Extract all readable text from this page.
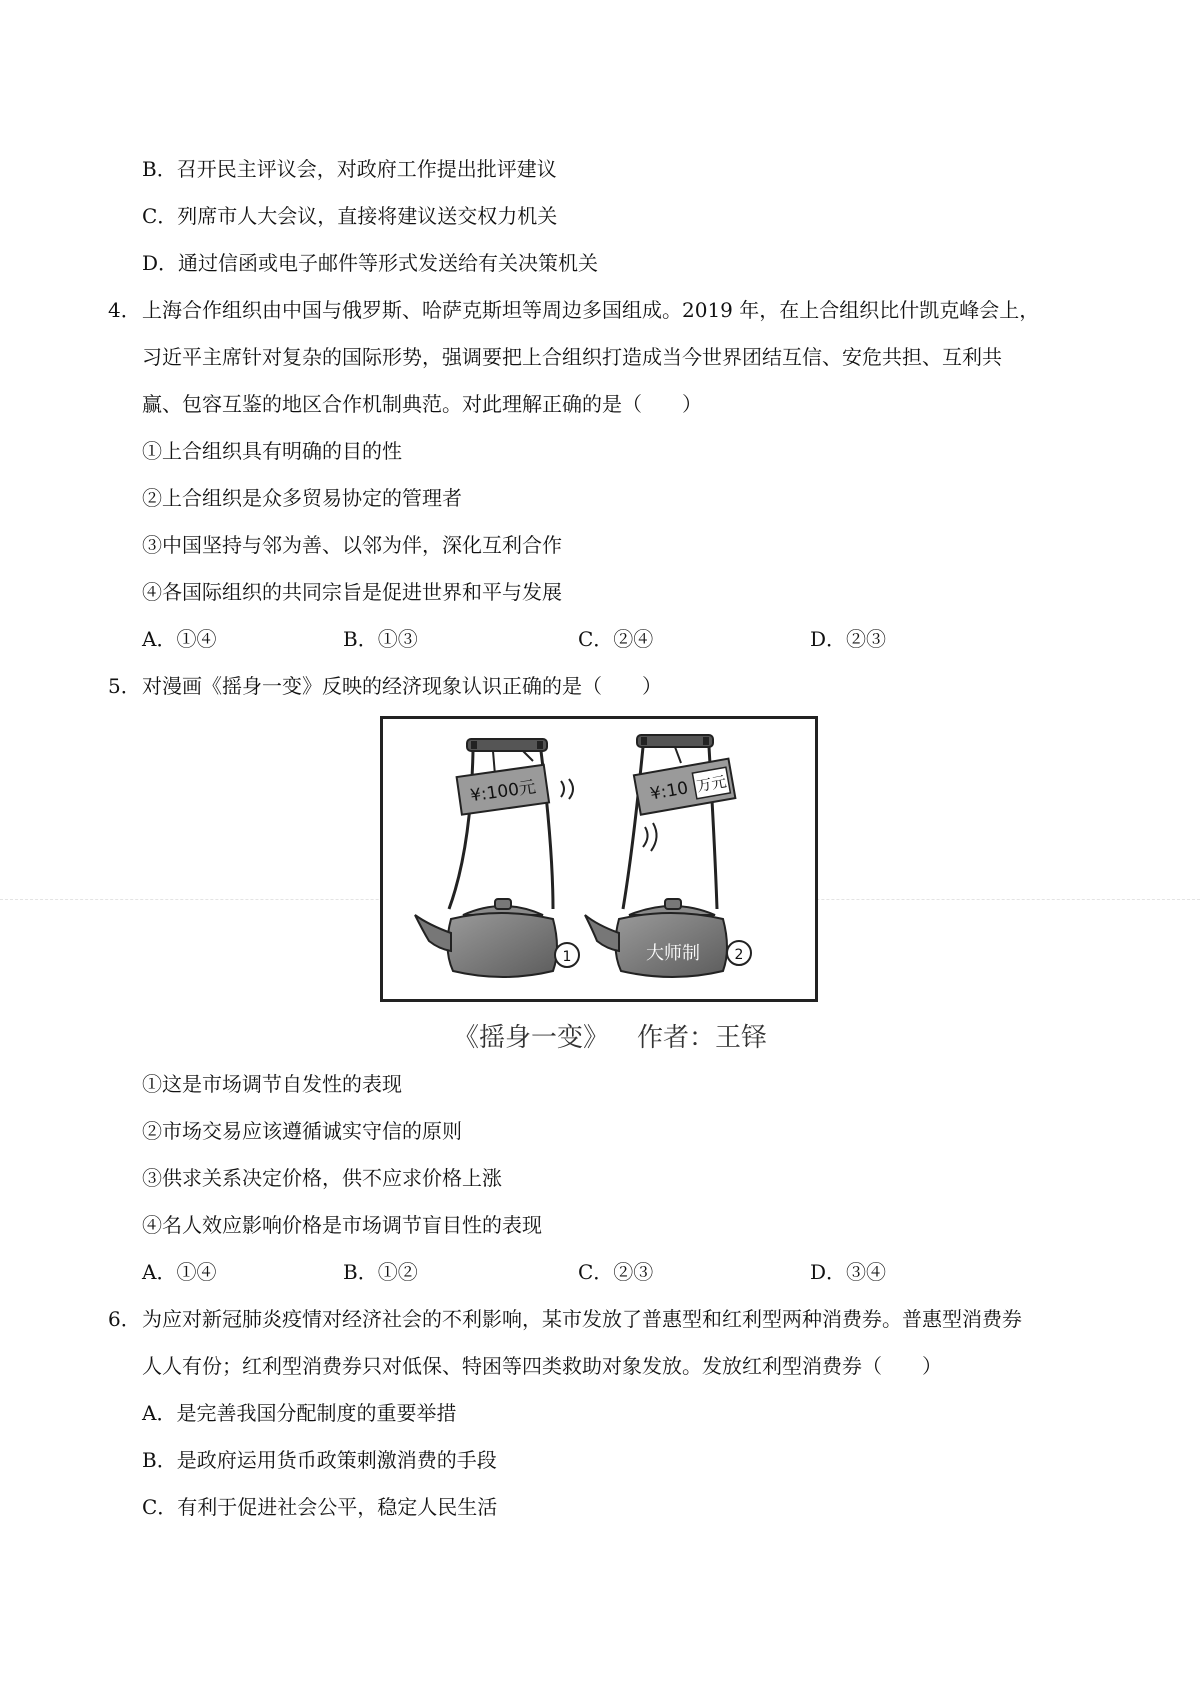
B．召开民主评议会，对政府工作提出批评建议
C．列席市人大会议，直接将建议送交权力机关
D．通过信函或电子邮件等形式发送给有关决策机关
4． 上海合作组织由中国与俄罗斯、哈萨克斯坦等周边多国组成。2019 年，在上合组织比什凯克峰会上，
习近平主席针对复杂的国际形势，强调要把上合组织打造成当今世界团结互信、安危共担、互利共
赢、包容互鉴的地区合作机制典范。对此理解正确的是（　　）
①上合组织具有明确的目的性
②上合组织是众多贸易协定的管理者
③中国坚持与邻为善、以邻为伴，深化互利合作
④各国际组织的共同宗旨是促进世界和平与发展
A．①④	B．①③	C．②④	D．②③
5． 对漫画《摇身一变》反映的经济现象认识正确的是（　　）
¥:100元
1	大师制
¥:10 万元
2
《摇身一变》 作者：王铎
①这是市场调节自发性的表现
②市场交易应该遵循诚实守信的原则
③供求关系决定价格，供不应求价格上涨
④名人效应影响价格是市场调节盲目性的表现
A．①④	B．①②	C．②③	D．③④
6． 为应对新冠肺炎疫情对经济社会的不利影响，某市发放了普惠型和红利型两种消费券。普惠型消费券
人人有份；红利型消费券只对低保、特困等四类救助对象发放。发放红利型消费券（　　）
A．是完善我国分配制度的重要举措
B．是政府运用货币政策刺激消费的手段
C．有利于促进社会公平，稳定人民生活
